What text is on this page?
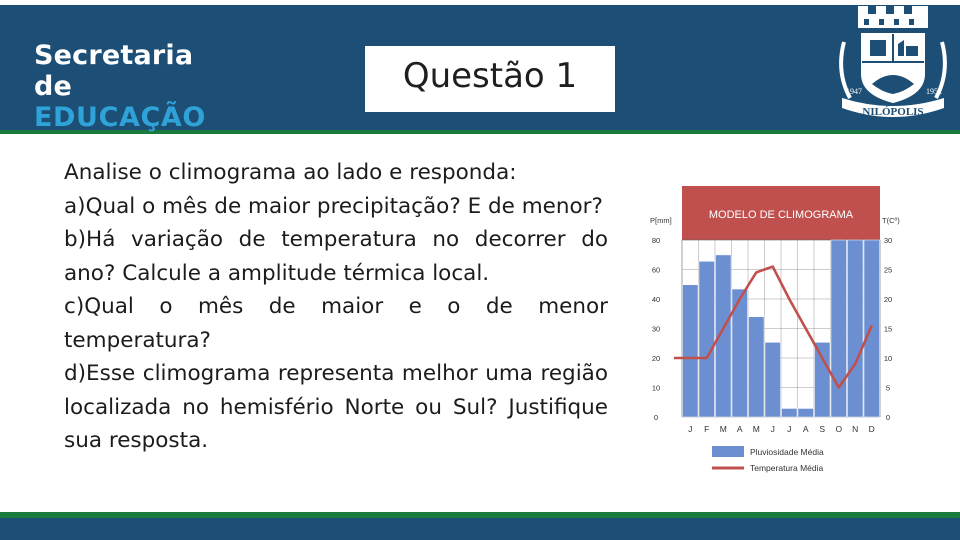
Secretaria de
EDUCAÇÃO
Questão 1	1947	1952
NILÓPOLIS

Analise o climograma ao lado e responda:

a)Qual o mês de maior precipitação? E de menor?

b)Há variação de temperatura no decorrer do ano? Calcule a amplitude térmica local.

c)Qual o mês de maior e o de menor temperatura?

d)Esse climograma representa melhor uma região localizada no hemisfério Norte ou Sul? Justifique sua resposta.

MODELO DE CLIMOGRAMA
P[mm]	T(Cº)
80
60
40
30
20
10
0
30
25
20
15
10
5
0
J F M A M J J A S O N D
Pluviosidade Média
Temperatura Média
